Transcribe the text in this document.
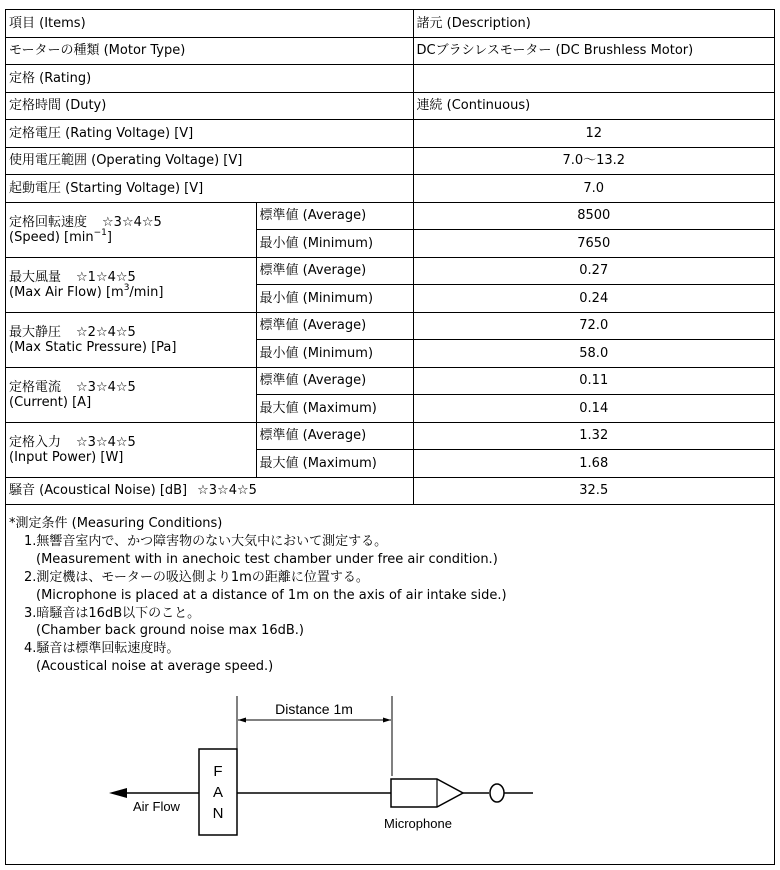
項目 (Items)		諸元 (Description)
モーターの種類 (Motor Type)		DCブラシレスモーター (DC Brushless Motor)
定格 (Rating)		
定格時間 (Duty)		連続 (Continuous)
定格電圧 (Rating Voltage) [V]		12
使用電圧範囲 (Operating Voltage) [V]		7.0～13.2
起動電圧 (Starting Voltage) [V]		7.0

定格回転速度 ☆3☆4☆5
(Speed) $[\min^{-1}]$	標準値 (Average)	8500
	最小値 (Minimum)	7650

最大風量 ☆1☆4☆5
(Max Air Flow) $[m^3/\min]$	標準値 (Average)	0.27
	最小値 (Minimum)	0.24

最大静圧 ☆2☆4☆5
(Max Static Pressure) [Pa]	標準値 (Average)	72.0
	最小値 (Minimum)	58.0

定格電流 ☆3☆4☆5
(Current) [A]	標準値 (Average)	0.11
	最大値 (Maximum)	0.14

定格入力 ☆3☆4☆5
(Input Power) [W]	標準値 (Average)	1.32
	最大値 (Maximum)	1.68
騒音 (Acoustical Noise) [dB] ☆3☆4☆5		32.5
*測定条件 (Measuring Conditions)
1.無響音室内で、かつ障害物のない大気中において測定する。
(Measurement with in anechoic test chamber under free air condition.)
2.測定機は、モーターの吸込側より1mの距離に位置する。
(Microphone is placed at a distance of 1m on the axis of air intake side.)
3.暗騒音は16dB以下のこと。
(Chamber back ground noise max 16dB.)
4.騒音は標準回転速度時。
(Acoustical noise at average speed.)
Distance 1m
F
A
N
Air Flow
Microphone
